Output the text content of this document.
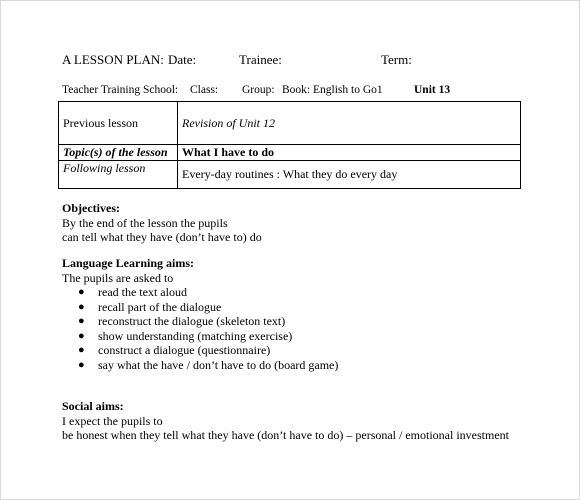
A LESSON PLAN: Date:	Trainee:	Term:
Teacher Training School: Class: Group: Book: English to Go1	Unit 13
Previous lesson	Revision of Unit 12
Topic(s) of the lesson	What I have to do
Following lesson	Every-day routines : What they do every day
Objectives:
By the end of the lesson the pupils
can tell what they have (don’t have to) do
Language Learning aims:
The pupils are asked to
● read the text aloud
● recall part of the dialogue
● reconstruct the dialogue (skeleton text)
● show understanding (matching exercise)
● construct a dialogue (questionnaire)
● say what the have / don’t have to do (board game)
Social aims:
I expect the pupils to
be honest when they tell what they have (don’t have to do) – personal / emotional investment
